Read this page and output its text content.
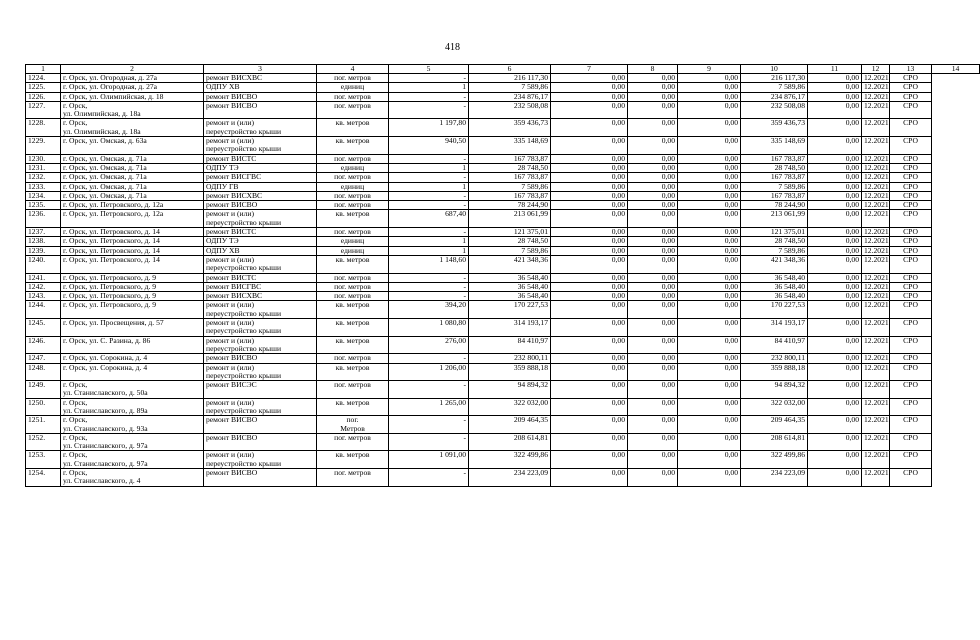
418
1	2	3	4	5	6	7	8	9	10	11	12	13	14
1224.	г. Орск, ул. Огородная, д. 27а	ремонт ВИСХВС	пог. метров	-	216 117,30	0,00	0,00	0,00	216 117,30	0,00	12.2021	СРО	
1225.	г. Орск, ул. Огородная, д. 27а	ОДПУ ХВ	единиц	1	7 589,86	0,00	0,00	0,00	7 589,86	0,00	12.2021	СРО	
1226.	г. Орск, ул. Олимпийская, д. 18	ремонт ВИСВО	пог. метров	-	234 876,17	0,00	0,00	0,00	234 876,17	0,00	12.2021	СРО	
1227.	г. Орск,
ул. Олимпийская, д. 18а	ремонт ВИСВО	пог. метров	-	232 508,08	0,00	0,00	0,00	232 508,08	0,00	12.2021	СРО	
1228.	г. Орск,
ул. Олимпийская, д. 18а	ремонт и (или)
переустройство крыши	кв. метров	1 197,80	359 436,73	0,00	0,00	0,00	359 436,73	0,00	12.2021	СРО	
1229.	г. Орск, ул. Омская, д. 63а	ремонт и (или)
переустройство крыши	кв. метров	940,50	335 148,69	0,00	0,00	0,00	335 148,69	0,00	12.2021	СРО	
1230.	г. Орск, ул. Омская, д. 71а	ремонт ВИСТС	пог. метров	-	167 783,87	0,00	0,00	0,00	167 783,87	0,00	12.2021	СРО	
1231.	г. Орск, ул. Омская, д. 71а	ОДПУ ТЭ	единиц	1	28 748,50	0,00	0,00	0,00	28 748,50	0,00	12.2021	СРО	
1232.	г. Орск, ул. Омская, д. 71а	ремонт ВИСГВС	пог. метров	-	167 783,87	0,00	0,00	0,00	167 783,87	0,00	12.2021	СРО	
1233.	г. Орск, ул. Омская, д. 71а	ОДПУ ГВ	единиц	1	7 589,86	0,00	0,00	0,00	7 589,86	0,00	12.2021	СРО	
1234.	г. Орск, ул. Омская, д. 71а	ремонт ВИСХВС	пог. метров	-	167 783,87	0,00	0,00	0,00	167 783,87	0,00	12.2021	СРО	
1235.	г. Орск, ул. Петровского, д. 12а	ремонт ВИСВО	пог. метров	-	78 244,90	0,00	0,00	0,00	78 244,90	0,00	12.2021	СРО	
1236.	г. Орск, ул. Петровского, д. 12а	ремонт и (или)
переустройство крыши	кв. метров	687,40	213 061,99	0,00	0,00	0,00	213 061,99	0,00	12.2021	СРО	
1237.	г. Орск, ул. Петровского, д. 14	ремонт ВИСТС	пог. метров	-	121 375,01	0,00	0,00	0,00	121 375,01	0,00	12.2021	СРО	
1238.	г. Орск, ул. Петровского, д. 14	ОДПУ ТЭ	единиц	1	28 748,50	0,00	0,00	0,00	28 748,50	0,00	12.2021	СРО	
1239.	г. Орск, ул. Петровского, д. 14	ОДПУ ХВ	единиц	1	7 589,86	0,00	0,00	0,00	7 589,86	0,00	12.2021	СРО	
1240.	г. Орск, ул. Петровского, д. 14	ремонт и (или)
переустройство крыши	кв. метров	1 148,60	421 348,36	0,00	0,00	0,00	421 348,36	0,00	12.2021	СРО	
1241.	г. Орск, ул. Петровского, д. 9	ремонт ВИСТС	пог. метров	-	36 548,40	0,00	0,00	0,00	36 548,40	0,00	12.2021	СРО	
1242.	г. Орск, ул. Петровского, д. 9	ремонт ВИСГВС	пог. метров	-	36 548,40	0,00	0,00	0,00	36 548,40	0,00	12.2021	СРО	
1243.	г. Орск, ул. Петровского, д. 9	ремонт ВИСХВС	пог. метров	-	36 548,40	0,00	0,00	0,00	36 548,40	0,00	12.2021	СРО	
1244.	г. Орск, ул. Петровского, д. 9	ремонт и (или)
переустройство крыши	кв. метров	394,20	170 227,53	0,00	0,00	0,00	170 227,53	0,00	12.2021	СРО	
1245.	г. Орск, ул. Просвещения, д. 57	ремонт и (или)
переустройство крыши	кв. метров	1 080,80	314 193,17	0,00	0,00	0,00	314 193,17	0,00	12.2021	СРО	
1246.	г. Орск, ул. С. Разина, д. 86	ремонт и (или)
переустройство крыши	кв. метров	276,00	84 410,97	0,00	0,00	0,00	84 410,97	0,00	12.2021	СРО	
1247.	г. Орск, ул. Сорокина, д. 4	ремонт ВИСВО	пог. метров	-	232 800,11	0,00	0,00	0,00	232 800,11	0,00	12.2021	СРО	
1248.	г. Орск, ул. Сорокина, д. 4	ремонт и (или)
переустройство крыши	кв. метров	1 206,00	359 888,18	0,00	0,00	0,00	359 888,18	0,00	12.2021	СРО	
1249.	г. Орск,
ул. Станиславского, д. 50а	ремонт ВИСЭС	пог. метров	-	94 894,32	0,00	0,00	0,00	94 894,32	0,00	12.2021	СРО	
1250.	г. Орск,
ул. Станиславского, д. 89а	ремонт и (или)
переустройство крыши	кв. метров	1 265,00	322 032,00	0,00	0,00	0,00	322 032,00	0,00	12.2021	СРО	
1251.	г. Орск,
ул. Станиславского, д. 93а	ремонт ВИСВО	пог.
Метров	-	209 464,35	0,00	0,00	0,00	209 464,35	0,00	12.2021	СРО	
1252.	г. Орск,
ул. Станиславского, д. 97а	ремонт ВИСВО	пог. метров	-	208 614,81	0,00	0,00	0,00	208 614,81	0,00	12.2021	СРО	
1253.	г. Орск,
ул. Станиславского, д. 97а	ремонт и (или)
переустройство крыши	кв. метров	1 091,00	322 499,86	0,00	0,00	0,00	322 499,86	0,00	12.2021	СРО	
1254.	г. Орск,
ул. Станиславского, д. 4	ремонт ВИСВО	пог. метров	-	234 223,09	0,00	0,00	0,00	234 223,09	0,00	12.2021	СРО	
